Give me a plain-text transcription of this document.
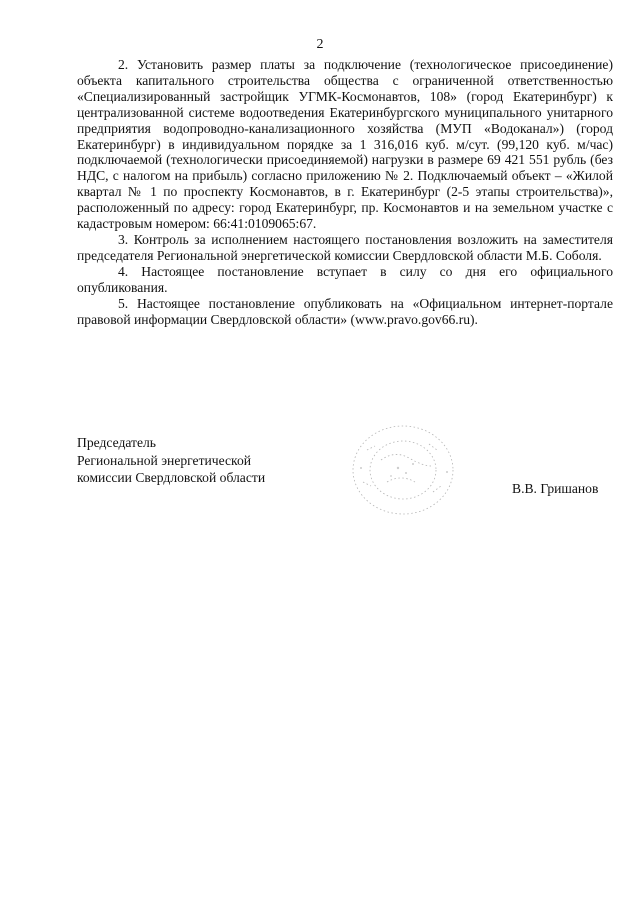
2

2. Установить размер платы за подключение (технологическое присоединение) объекта капитального строительства общества с ограниченной ответственностью «Специализированный застройщик УГМК-Космонавтов, 108» (город Екатеринбург) к централизованной системе водоотведения Екатеринбургского муниципального унитарного предприятия водопроводно-канализационного хозяйства (МУП «Водоканал») (город Екатеринбург) в индивидуальном порядке за 1 316,016 куб. м/сут. (99,120 куб. м/час) подключаемой (технологически присоединяемой) нагрузки в размере 69 421 551 рубль (без НДС, с налогом на прибыль) согласно приложению № 2. Подключаемый объект – «Жилой квартал № 1 по проспекту Космонавтов, в г. Екатеринбург (2-5 этапы строительства)», расположенный по адресу: город Екатеринбург, пр. Космонавтов и на земельном участке с кадастровым номером: 66:41:0109065:67.

3. Контроль за исполнением настоящего постановления возложить на заместителя председателя Региональной энергетической комиссии Свердловской области М.Б. Соболя.

4. Настоящее постановление вступает в силу со дня его официального опубликования.

5. Настоящее постановление опубликовать на «Официальном интернет-портале правовой информации Свердловской области» (www.pravo.gov66.ru).

Председатель
Региональной энергетической
комиссии Свердловской области
В.В. Гришанов
